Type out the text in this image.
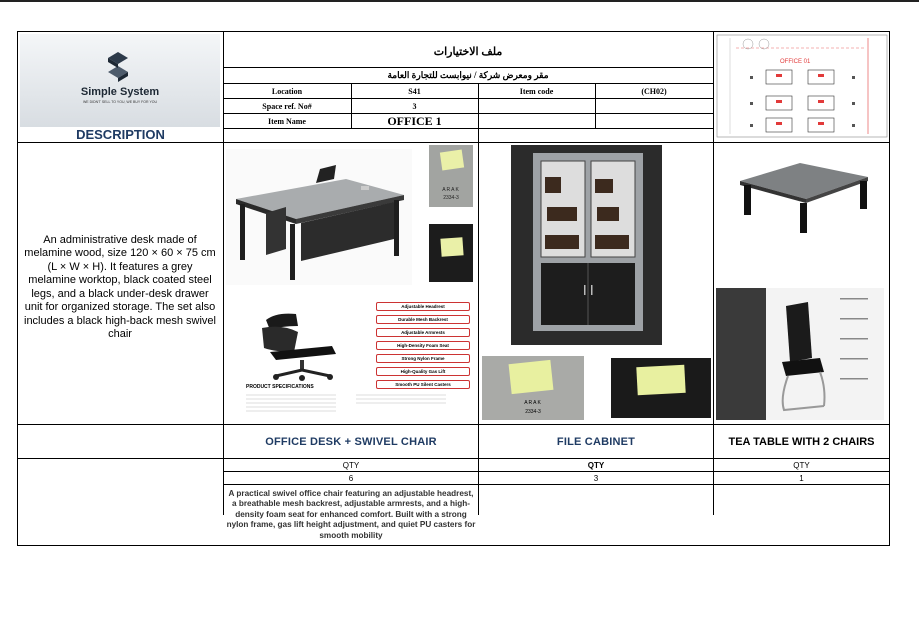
Simple System
WE DIDN'T SELL TO YOU, WE BUY FOR YOU
DESCRIPTION
ملف الاختيارات
مقر ومعرض شركة / نيوابست للتجارة العامة
Location	S41	Item code	(CH02)
Space ref. No#	3
Item Name	OFFICE 1
OFFICE 01
An administrative desk made of melamine wood, size 120 × 60 × 75 cm (L × W × H). It features a grey melamine worktop, black coated steel legs, and a black under-desk drawer unit for organized storage. The set also includes a black high-back mesh swivel chair
ARAK
2334-3
Adjustable Headrest
Durable Mesh Backrest
Adjustable Armrests
High-Density Foam Seat
Strong Nylon Frame
High-Quality Gas Lift
Smooth PU Silent Casters
PRODUCT SPECIFICATIONS
ARAK
2334-3
OFFICE DESK + SWIVEL CHAIR	FILE CABINET	TEA TABLE WITH 2 CHAIRS
QTY	QTY	QTY
6	3	1
A practical swivel office chair featuring an adjustable headrest, a breathable mesh backrest, adjustable armrests, and a high-density foam seat for enhanced comfort. Built with a strong nylon frame, gas lift height adjustment, and quiet PU casters for smooth mobility
